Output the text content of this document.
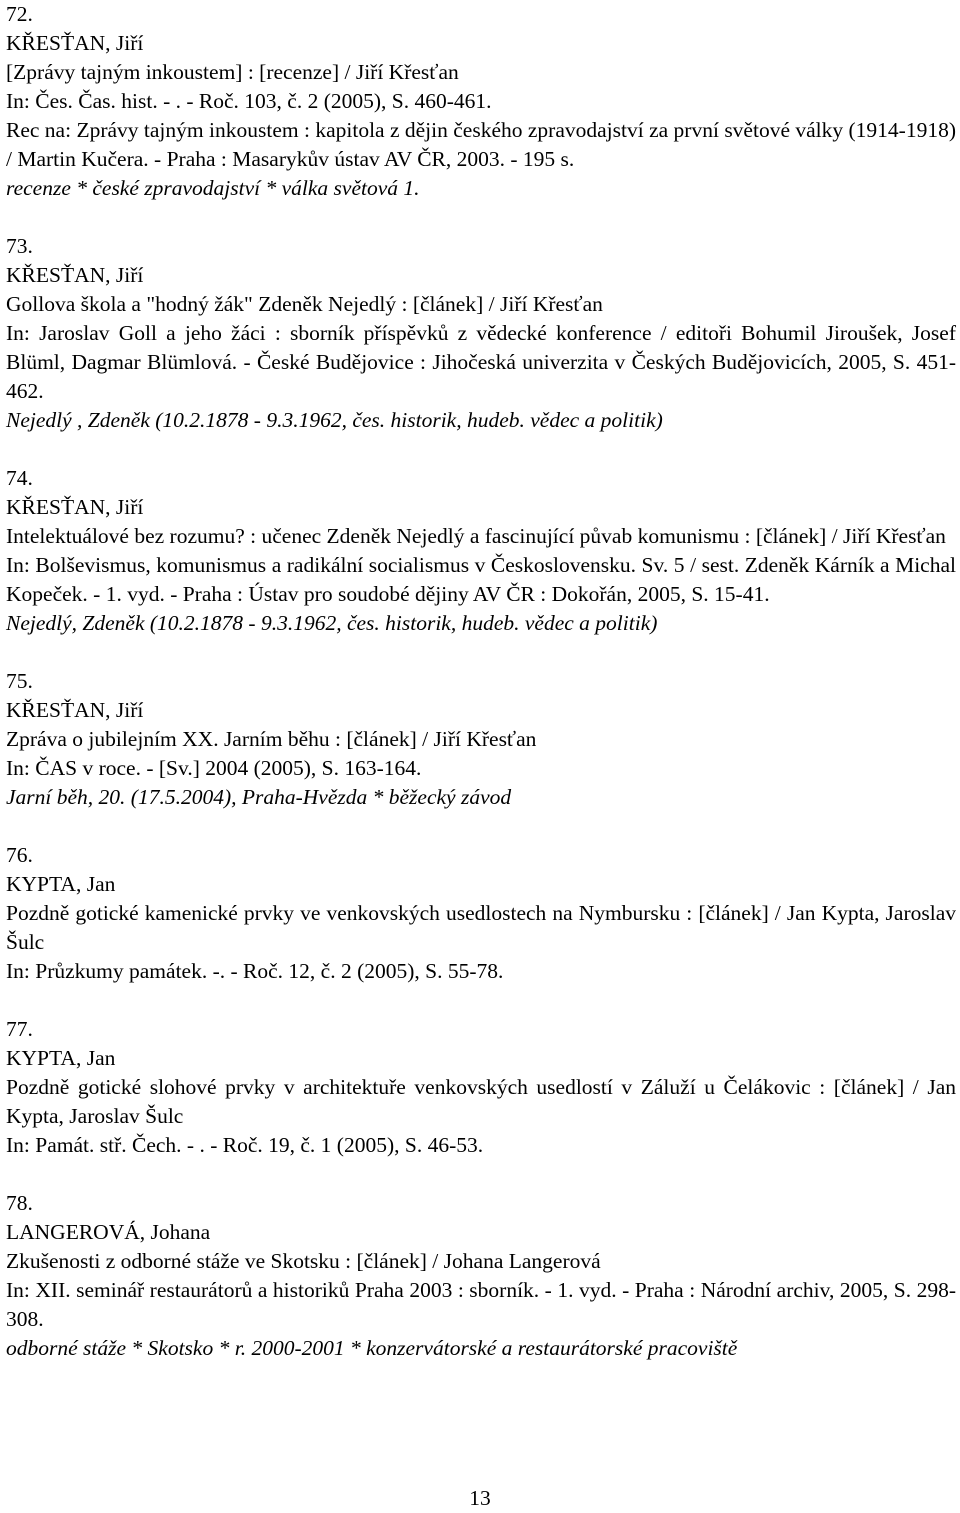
72.
KŘESŤAN, Jiří
[Zprávy tajným inkoustem] : [recenze] / Jiří Křesťan
In: Čes. Čas. hist. - . - Roč. 103, č. 2 (2005), S. 460-461.
Rec na: Zprávy tajným inkoustem : kapitola z dějin českého zpravodajství za první světové války (1914-1918) / Martin Kučera. - Praha : Masarykův ústav AV ČR, 2003. - 195 s.
recenze * české zpravodajství * válka světová 1.
73.
KŘESŤAN, Jiří
Gollova škola a "hodný žák" Zdeněk Nejedlý : [článek] / Jiří Křesťan
In: Jaroslav Goll a jeho žáci : sborník příspěvků z vědecké konference / editoři Bohumil Jiroušek, Josef Blüml, Dagmar Blümlová. - České Budějovice : Jihočeská univerzita v Českých Budějovicích, 2005, S. 451-462.
Nejedlý , Zdeněk (10.2.1878 - 9.3.1962, čes. historik, hudeb. vědec a politik)
74.
KŘESŤAN, Jiří
Intelektuálové bez rozumu? : učenec Zdeněk Nejedlý a fascinující půvab komunismu : [článek] / Jiří Křesťan
In: Bolševismus, komunismus a radikální socialismus v Československu. Sv. 5 / sest. Zdeněk Kárník a Michal Kopeček. - 1. vyd. - Praha : Ústav pro soudobé dějiny AV ČR : Dokořán, 2005, S. 15-41.
Nejedlý, Zdeněk (10.2.1878 - 9.3.1962, čes. historik, hudeb. vědec a politik)
75.
KŘESŤAN, Jiří
Zpráva o jubilejním XX. Jarním běhu : [článek] / Jiří Křesťan
In: ČAS v roce. - [Sv.] 2004 (2005), S. 163-164.
Jarní běh, 20. (17.5.2004), Praha-Hvězda * běžecký závod
76.
KYPTA, Jan
Pozdně gotické kamenické prvky ve venkovských usedlostech na Nymbursku : [článek] / Jan Kypta, Jaroslav Šulc
In: Průzkumy památek. -. - Roč. 12, č. 2 (2005), S. 55-78.
77.
KYPTA, Jan
Pozdně gotické slohové prvky v architektuře venkovských usedlostí v Záluží u Čelákovic : [článek] / Jan Kypta, Jaroslav Šulc
In: Památ. stř. Čech. - . - Roč. 19, č. 1 (2005), S. 46-53.
78.
LANGEROVÁ, Johana
Zkušenosti z odborné stáže ve Skotsku : [článek] / Johana Langerová
In: XII. seminář restaurátorů a historiků Praha 2003 : sborník. - 1. vyd. - Praha : Národní archiv, 2005, S. 298-308.
odborné stáže * Skotsko * r. 2000-2001 * konzervátorské a restaurátorské pracoviště
13
